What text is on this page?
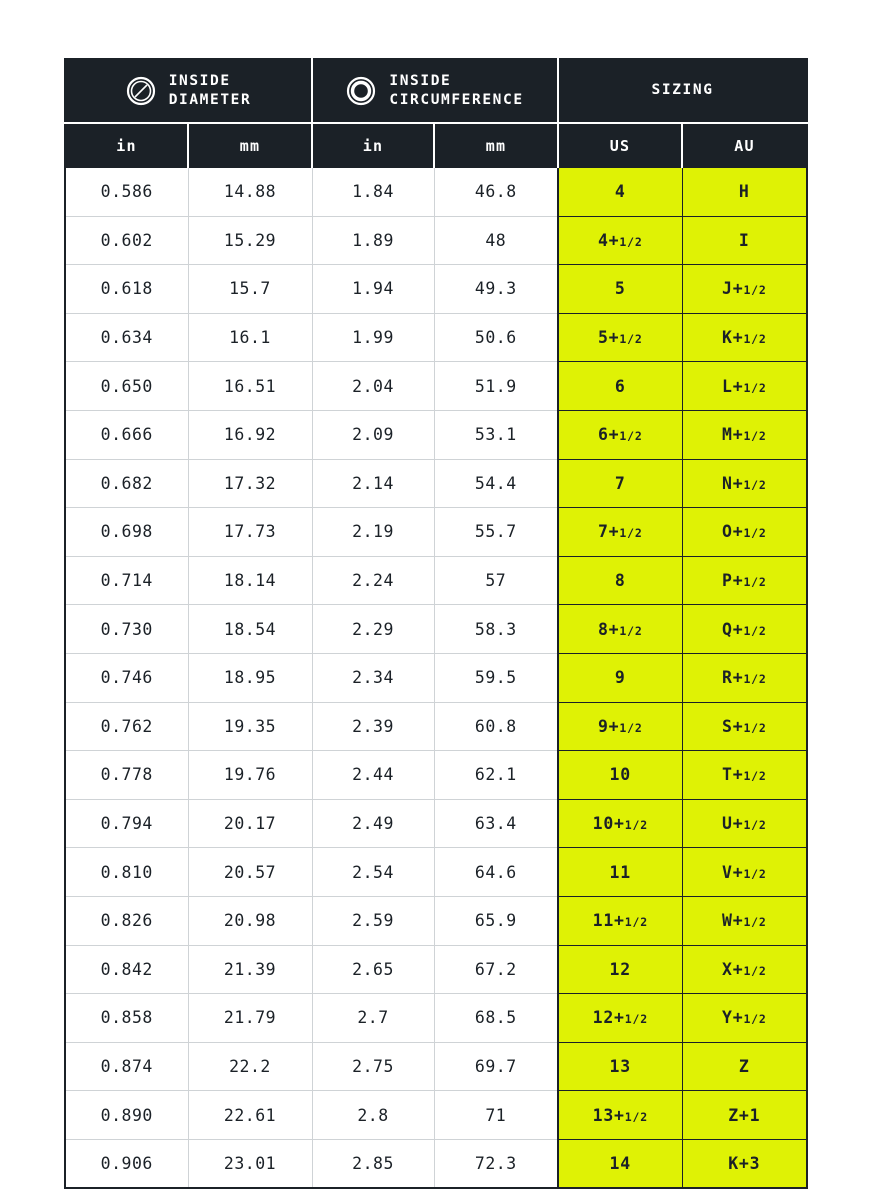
INSIDE
DIAMETER		INSIDE
CIRCUMFERENCE		SIZING	

in	mm	in	mm	US	AU
0.586	14.88	1.84	46.8	4	H
0.602	15.29	1.89	48	4+1/2	I
0.618	15.7	1.94	49.3	5	J+1/2
0.634	16.1	1.99	50.6	5+1/2	K+1/2
0.650	16.51	2.04	51.9	6	L+1/2
0.666	16.92	2.09	53.1	6+1/2	M+1/2
0.682	17.32	2.14	54.4	7	N+1/2
0.698	17.73	2.19	55.7	7+1/2	O+1/2
0.714	18.14	2.24	57	8	P+1/2
0.730	18.54	2.29	58.3	8+1/2	Q+1/2
0.746	18.95	2.34	59.5	9	R+1/2
0.762	19.35	2.39	60.8	9+1/2	S+1/2
0.778	19.76	2.44	62.1	10	T+1/2
0.794	20.17	2.49	63.4	10+1/2	U+1/2
0.810	20.57	2.54	64.6	11	V+1/2
0.826	20.98	2.59	65.9	11+1/2	W+1/2
0.842	21.39	2.65	67.2	12	X+1/2
0.858	21.79	2.7	68.5	12+1/2	Y+1/2
0.874	22.2	2.75	69.7	13	Z
0.890	22.61	2.8	71	13+1/2	Z+1
0.906	23.01	2.85	72.3	14	K+3
